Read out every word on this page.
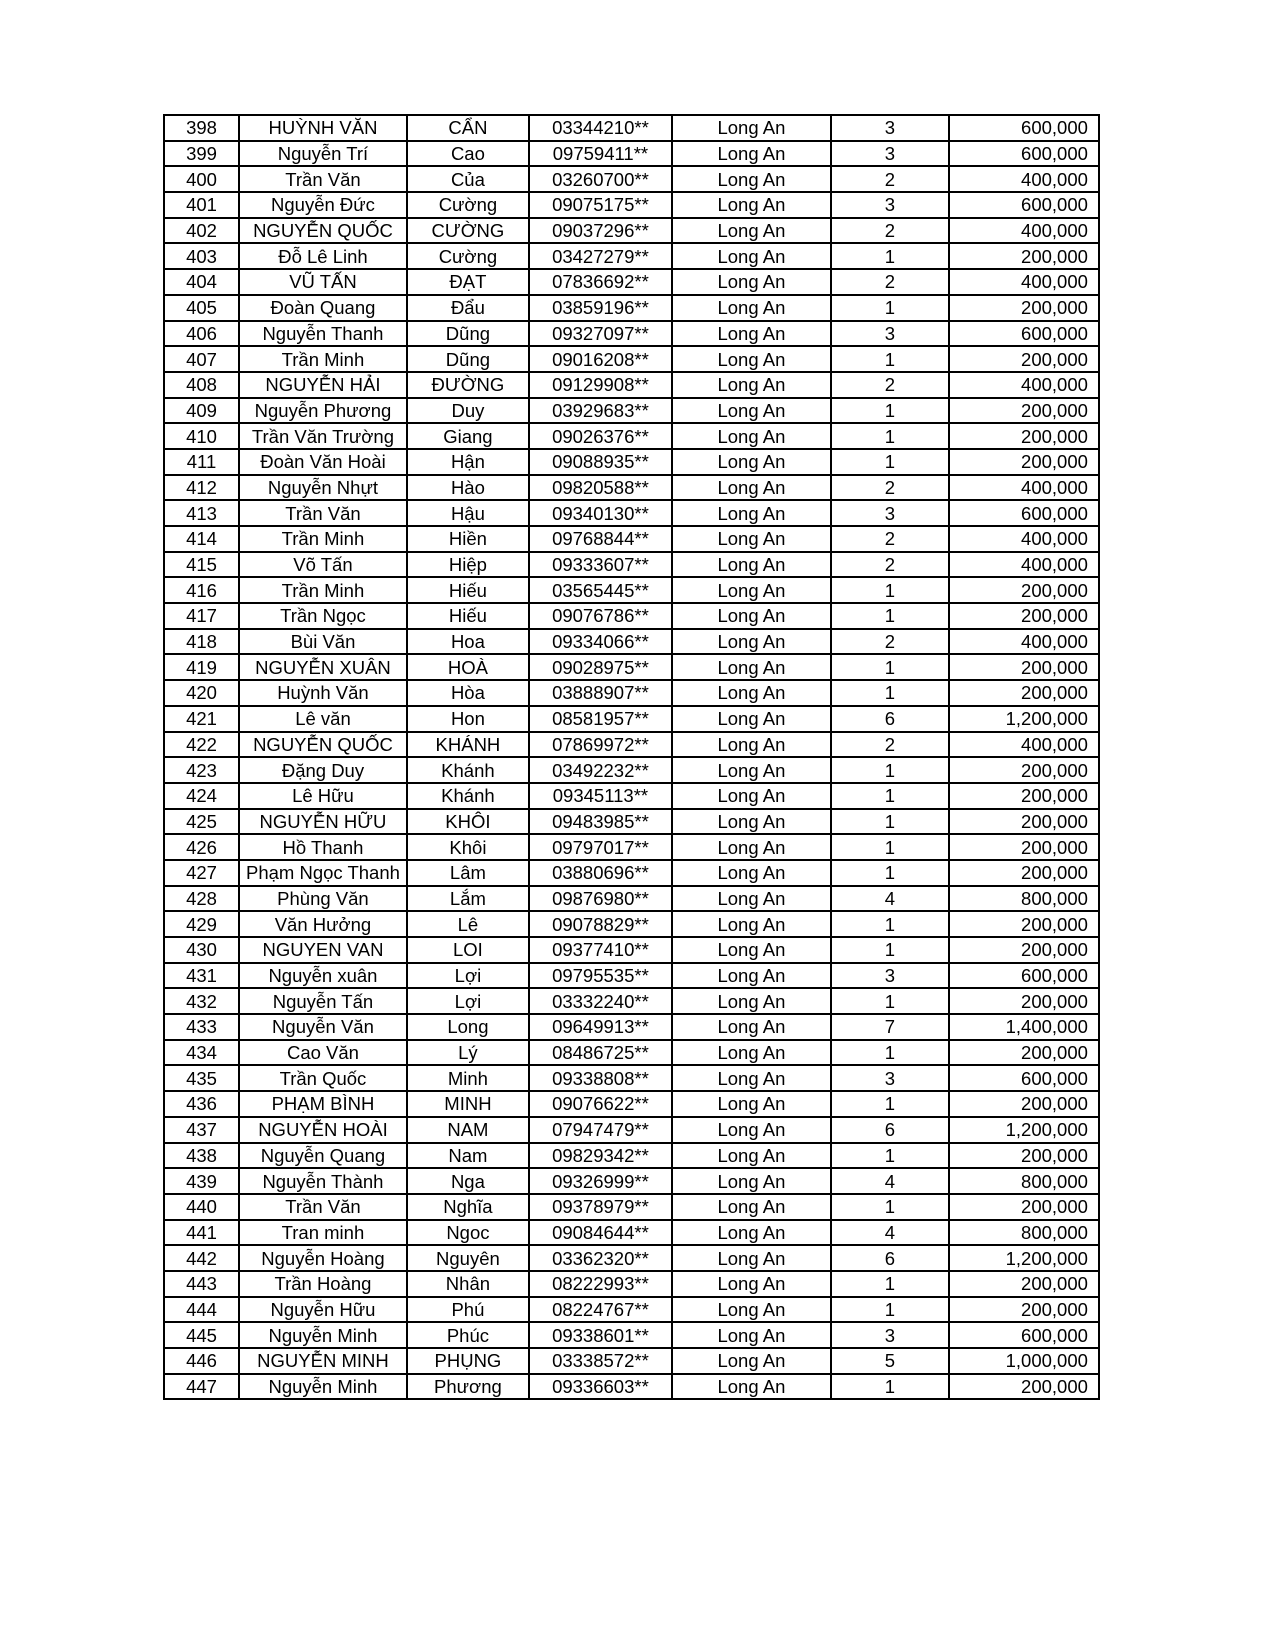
398	HUỲNH VĂN	CẨN	03344210**	Long An	3	600,000
399	Nguyễn Trí	Cao	09759411**	Long An	3	600,000
400	Trần Văn	Của	03260700**	Long An	2	400,000
401	Nguyễn Đức	Cường	09075175**	Long An	3	600,000
402	NGUYỄN QUỐC	CƯỜNG	09037296**	Long An	2	400,000
403	Đỗ Lê Linh	Cường	03427279**	Long An	1	200,000
404	VŨ TẤN	ĐẠT	07836692**	Long An	2	400,000
405	Đoàn Quang	Đẩu	03859196**	Long An	1	200,000
406	Nguyễn Thanh	Dũng	09327097**	Long An	3	600,000
407	Trần Minh	Dũng	09016208**	Long An	1	200,000
408	NGUYỄN HẢI	ĐƯỜNG	09129908**	Long An	2	400,000
409	Nguyễn Phương	Duy	03929683**	Long An	1	200,000
410	Trần Văn Trường	Giang	09026376**	Long An	1	200,000
411	Đoàn Văn Hoài	Hận	09088935**	Long An	1	200,000
412	Nguyễn Nhựt	Hào	09820588**	Long An	2	400,000
413	Trần Văn	Hậu	09340130**	Long An	3	600,000
414	Trần Minh	Hiền	09768844**	Long An	2	400,000
415	Võ Tấn	Hiệp	09333607**	Long An	2	400,000
416	Trần Minh	Hiếu	03565445**	Long An	1	200,000
417	Trần Ngọc	Hiếu	09076786**	Long An	1	200,000
418	Bùi Văn	Hoa	09334066**	Long An	2	400,000
419	NGUYỄN XUÂN	HOÀ	09028975**	Long An	1	200,000
420	Huỳnh Văn	Hòa	03888907**	Long An	1	200,000
421	Lê văn	Hon	08581957**	Long An	6	1,200,000
422	NGUYỄN QUỐC	KHÁNH	07869972**	Long An	2	400,000
423	Đặng Duy	Khánh	03492232**	Long An	1	200,000
424	Lê Hữu	Khánh	09345113**	Long An	1	200,000
425	NGUYỄN HỮU	KHÔI	09483985**	Long An	1	200,000
426	Hồ Thanh	Khôi	09797017**	Long An	1	200,000
427	Phạm Ngọc Thanh	Lâm	03880696**	Long An	1	200,000
428	Phùng Văn	Lắm	09876980**	Long An	4	800,000
429	Văn Hưởng	Lê	09078829**	Long An	1	200,000
430	NGUYEN VAN	LOI	09377410**	Long An	1	200,000
431	Nguyễn xuân	Lợi	09795535**	Long An	3	600,000
432	Nguyễn Tấn	Lợi	03332240**	Long An	1	200,000
433	Nguyễn Văn	Long	09649913**	Long An	7	1,400,000
434	Cao Văn	Lý	08486725**	Long An	1	200,000
435	Trần Quốc	Minh	09338808**	Long An	3	600,000
436	PHẠM BÌNH	MINH	09076622**	Long An	1	200,000
437	NGUYỄN HOÀI	NAM	07947479**	Long An	6	1,200,000
438	Nguyễn Quang	Nam	09829342**	Long An	1	200,000
439	Nguyễn Thành	Nga	09326999**	Long An	4	800,000
440	Trần Văn	Nghĩa	09378979**	Long An	1	200,000
441	Tran minh	Ngoc	09084644**	Long An	4	800,000
442	Nguyễn Hoàng	Nguyên	03362320**	Long An	6	1,200,000
443	Trần Hoàng	Nhân	08222993**	Long An	1	200,000
444	Nguyễn Hữu	Phú	08224767**	Long An	1	200,000
445	Nguyễn Minh	Phúc	09338601**	Long An	3	600,000
446	NGUYỄN MINH	PHỤNG	03338572**	Long An	5	1,000,000
447	Nguyễn Minh	Phương	09336603**	Long An	1	200,000
